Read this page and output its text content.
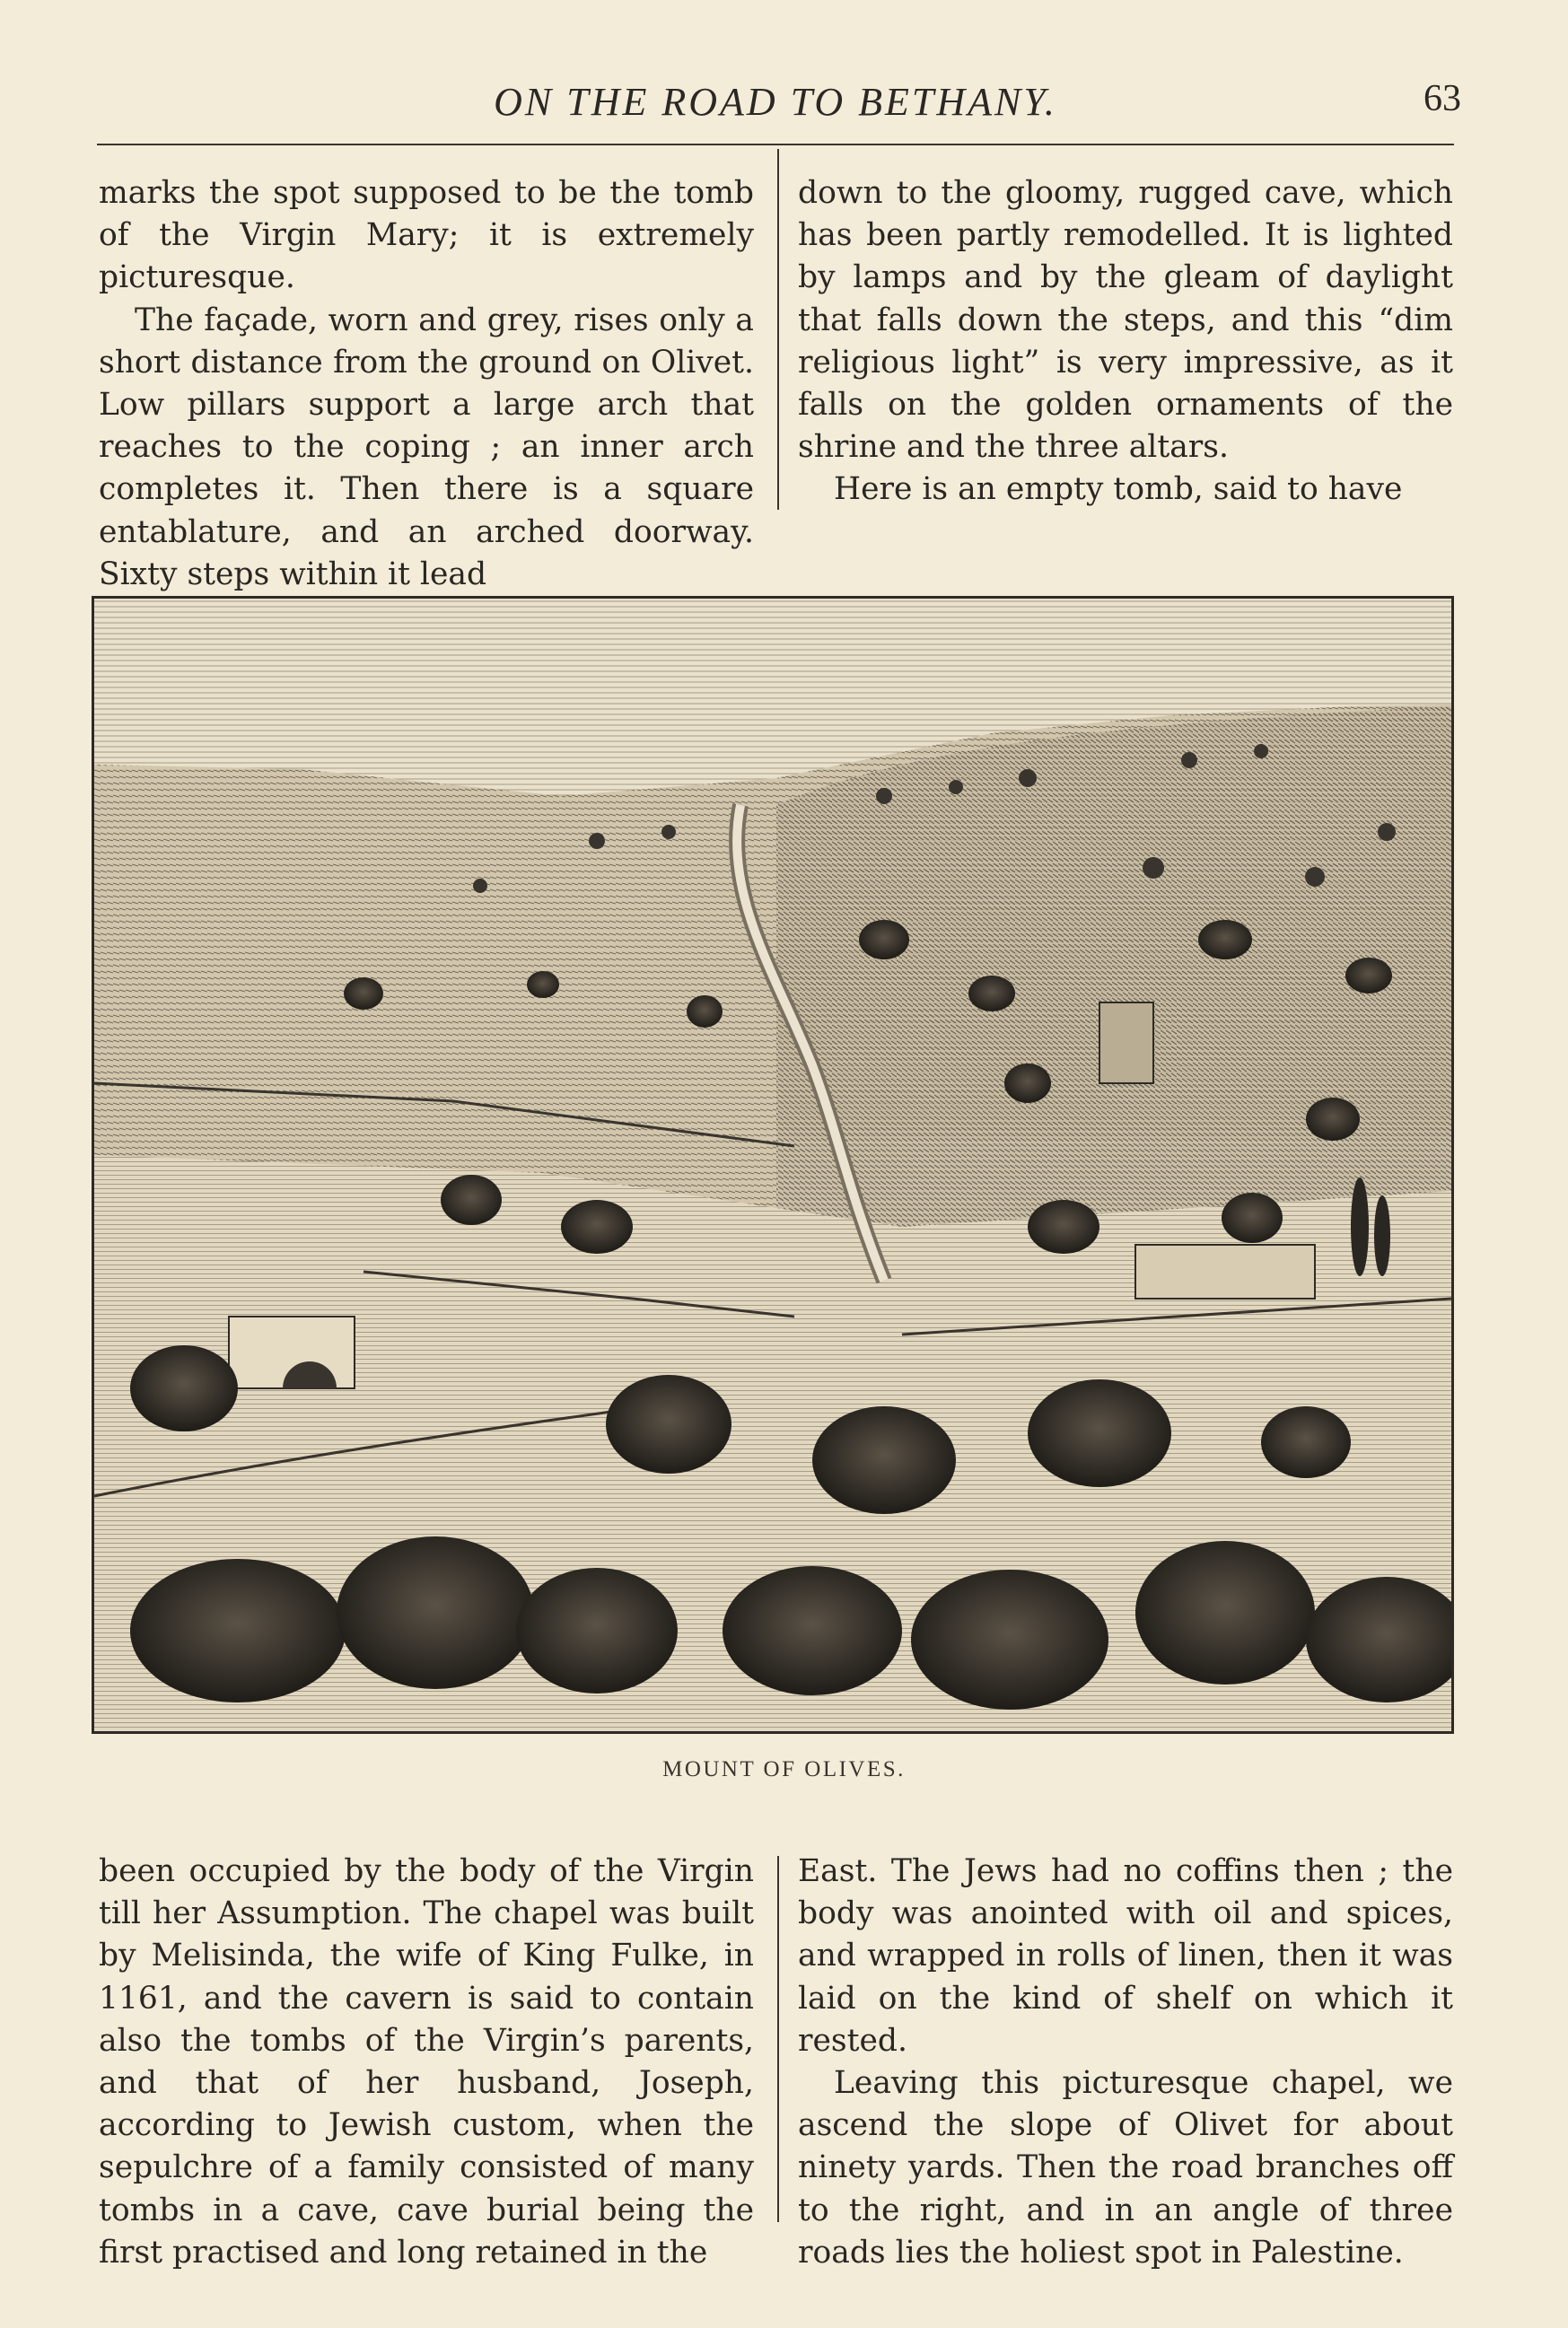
ON THE ROAD TO BETHANY.	63

marks the spot supposed to be the tomb of the Virgin Mary; it is extremely picturesque.

The façade, worn and grey, rises only a short distance from the ground on Olivet. Low pillars support a large arch that reaches to the coping ; an inner arch completes it. Then there is a square entablature, and an arched doorway. Sixty steps within it lead

down to the gloomy, rugged cave, which has been partly remodelled. It is lighted by lamps and by the gleam of daylight that falls down the steps, and this “dim religious light” is very impressive, as it falls on the golden ornaments of the shrine and the three altars.

Here is an empty tomb, said to have

MOUNT OF OLIVES.

been occupied by the body of the Virgin till her Assumption. The chapel was built by Melisinda, the wife of King Fulke, in 1161, and the cavern is said to contain also the tombs of the Virgin’s parents, and that of her husband, Joseph, according to Jewish custom, when the sepulchre of a family consisted of many tombs in a cave, cave burial being the first practised and long retained in the

East. The Jews had no coffins then ; the body was anointed with oil and spices, and wrapped in rolls of linen, then it was laid on the kind of shelf on which it rested.

Leaving this picturesque chapel, we ascend the slope of Olivet for about ninety yards. Then the road branches off to the right, and in an angle of three roads lies the holiest spot in Palestine.
